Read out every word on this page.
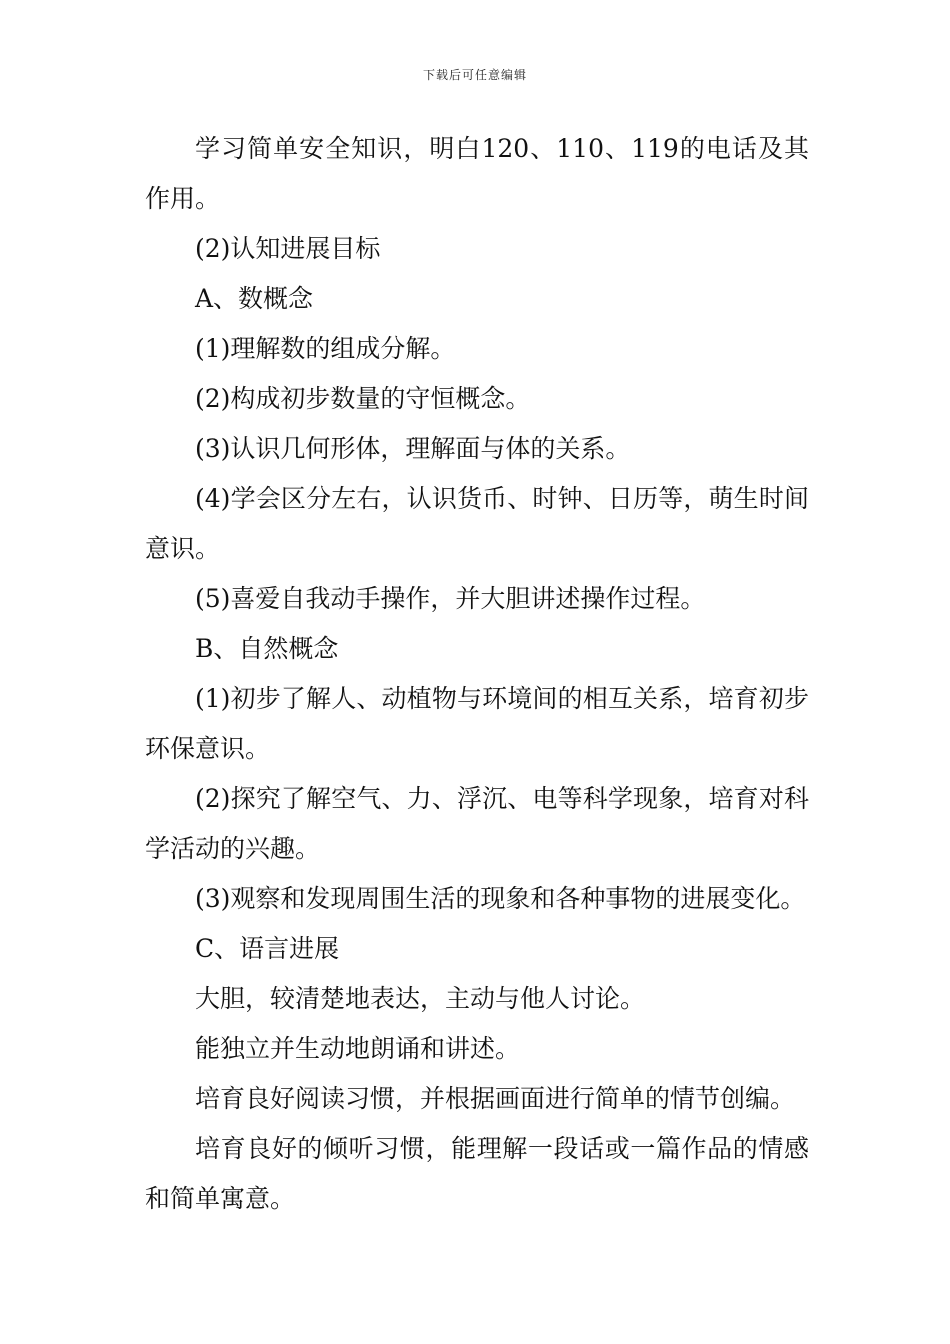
下载后可任意编辑

学习简单安全知识，明白120、110、119的电话及其作用。

(2)认知进展目标

A、数概念

(1)理解数的组成分解。

(2)构成初步数量的守恒概念。

(3)认识几何形体，理解面与体的关系。

(4)学会区分左右，认识货币、时钟、日历等，萌生时间意识。

(5)喜爱自我动手操作，并大胆讲述操作过程。

B、自然概念

(1)初步了解人、动植物与环境间的相互关系，培育初步环保意识。

(2)探究了解空气、力、浮沉、电等科学现象，培育对科学活动的兴趣。

(3)观察和发现周围生活的现象和各种事物的进展变化。

C、语言进展

大胆，较清楚地表达，主动与他人讨论。

能独立并生动地朗诵和讲述。

培育良好阅读习惯，并根据画面进行简单的情节创编。

培育良好的倾听习惯，能理解一段话或一篇作品的情感和简单寓意。
